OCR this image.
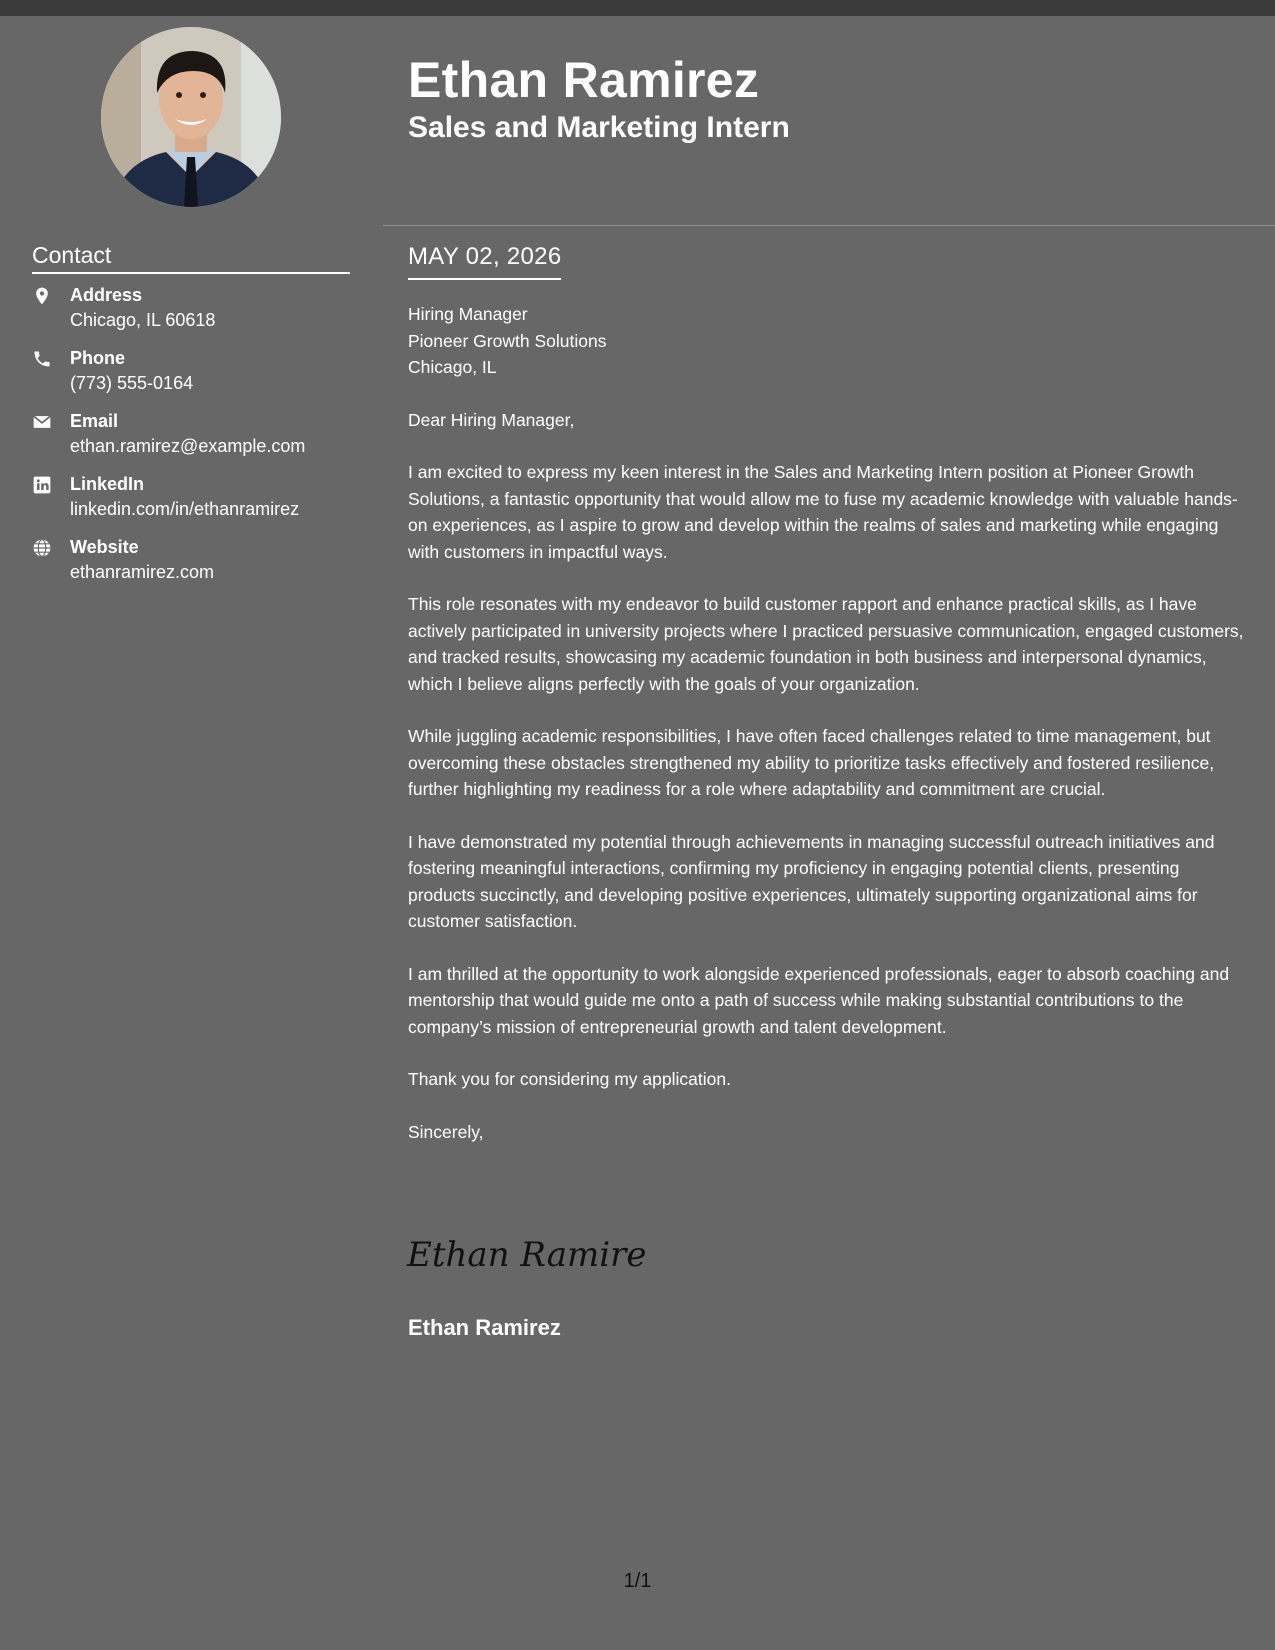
Ethan Ramirez
Sales and Marketing Intern
Contact
Address
Chicago, IL 60618
Phone
(773) 555-0164
Email
ethan.ramirez@example.com
LinkedIn
linkedin.com/in/ethanramirez
Website
ethanramirez.com
MAY 02, 2026
Hiring Manager
Pioneer Growth Solutions
Chicago, IL

Dear Hiring Manager,

I am excited to express my keen interest in the Sales and Marketing Intern position at Pioneer Growth Solutions, a fantastic opportunity that would allow me to fuse my academic knowledge with valuable hands-on experiences, as I aspire to grow and develop within the realms of sales and marketing while engaging with customers in impactful ways.

This role resonates with my endeavor to build customer rapport and enhance practical skills, as I have actively participated in university projects where I practiced persuasive communication, engaged customers, and tracked results, showcasing my academic foundation in both business and interpersonal dynamics, which I believe aligns perfectly with the goals of your organization.

While juggling academic responsibilities, I have often faced challenges related to time management, but overcoming these obstacles strengthened my ability to prioritize tasks effectively and fostered resilience, further highlighting my readiness for a role where adaptability and commitment are crucial.

I have demonstrated my potential through achievements in managing successful outreach initiatives and fostering meaningful interactions, confirming my proficiency in engaging potential clients, presenting products succinctly, and developing positive experiences, ultimately supporting organizational aims for customer satisfaction.

I am thrilled at the opportunity to work alongside experienced professionals, eager to absorb coaching and mentorship that would guide me onto a path of success while making substantial contributions to the company’s mission of entrepreneurial growth and talent development.

Thank you for considering my application.

Sincerely,

Ethan Ramirez
Ethan Ramirez
1/1
